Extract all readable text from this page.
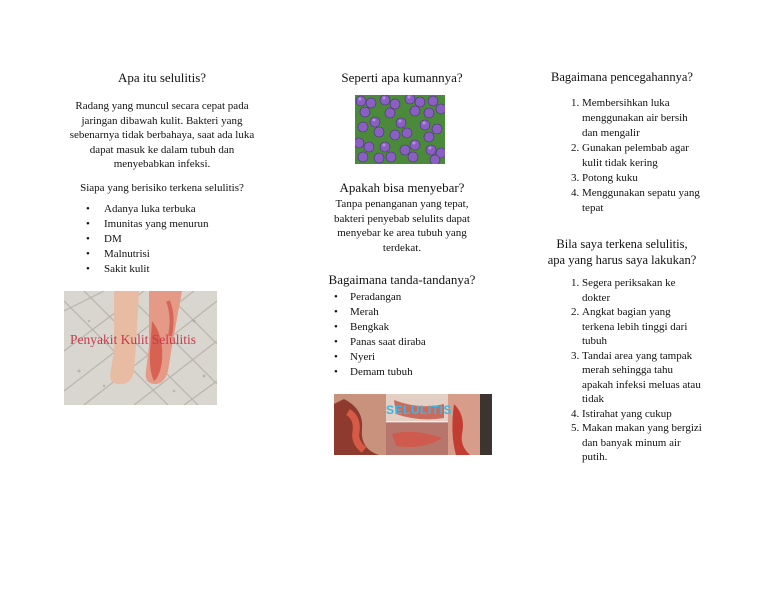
Apa itu selulitis?

Radang yang muncul secara cepat pada jaringan dibawah kulit. Bakteri yang sebenarnya tidak berbahaya, saat ada luka dapat masuk ke dalam tubuh dan menyebabkan infeksi.

Siapa yang berisiko terkena selulitis?

• Adanya luka terbuka
• Imunitas yang menurun
• DM
• Malnutrisi
• Sakit kulit
Penyakit Kulit Selulitis
Seperti apa kumannya?
Apakah bisa menyebar?

Tanpa penanganan yang tepat, bakteri penyebab selulits dapat menyebar ke area tubuh yang terdekat.

Bagaimana tanda-tandanya?
• Peradangan
• Merah
• Bengkak
• Panas saat diraba
• Nyeri
• Demam tubuh
SELULITIS
Bagaimana pencegahannya?
1. Membersihkan luka menggunakan air bersih dan mengalir
2. Gunakan pelembab agar kulit tidak kering
3. Potong kuku
4. Menggunakan sepatu yang tepat
Bila saya terkena selulitis, apa yang harus saya lakukan?
1. Segera periksakan ke dokter
2. Angkat bagian yang terkena lebih tinggi dari tubuh
3. Tandai area yang tampak merah sehingga tahu apakah infeksi meluas atau tidak
4. Istirahat yang cukup
5. Makan makan yang bergizi dan banyak minum air putih.
